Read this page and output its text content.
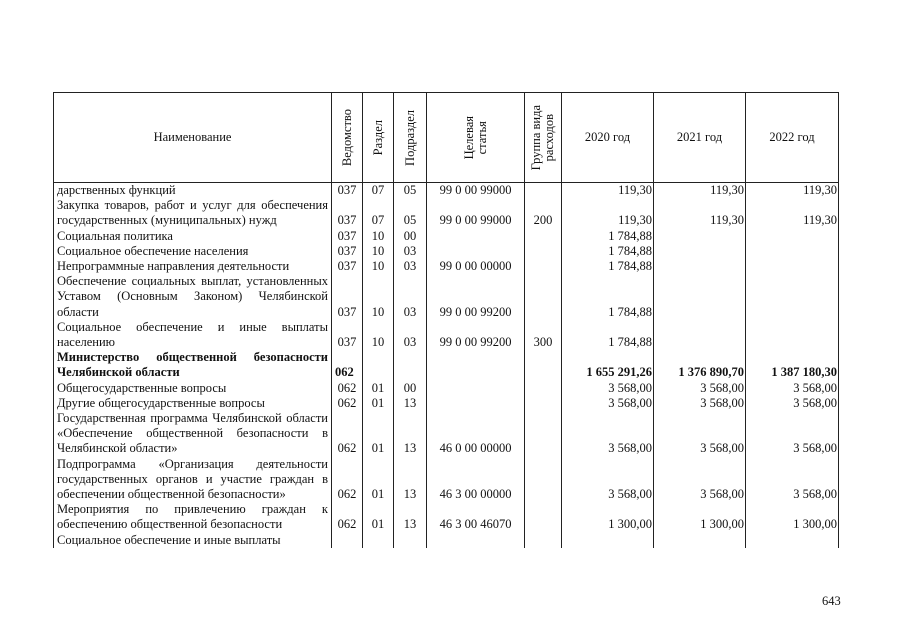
Наименование	Ведомство	Раздел	Подраздел	Целевая
статья	Группа вида
расходов	2020 год	2021 год	2022 год
дарственных функций	037	07	05	99 0 00 99000		119,30	119,30	119,30
Закупка товаров, работ и услуг для обеспечения государственных (муниципальных) нужд	037	07	05	99 0 00 99000	200	119,30	119,30	119,30
Социальная политика	037	10	00			1 784,88		
Социальное обеспечение населения	037	10	03			1 784,88		
Непрограммные направления деятельности	037	10	03	99 0 00 00000		1 784,88		
Обеспечение социальных выплат, установленных Уставом (Основным Законом) Челябинской области	037	10	03	99 0 00 99200		1 784,88		
Социальное обеспечение и иные выплаты населению	037	10	03	99 0 00 99200	300	1 784,88		
Министерство общественной безопасности Челябинской области	062					1 655 291,26	1 376 890,70	1 387 180,30
Общегосударственные вопросы	062	01	00			3 568,00	3 568,00	3 568,00
Другие общегосударственные вопросы	062	01	13			3 568,00	3 568,00	3 568,00
Государственная программа Челябинской области «Обеспечение общественной безопасности в Челябинской области»	062	01	13	46 0 00 00000		3 568,00	3 568,00	3 568,00
Подпрограмма «Организация деятельности государственных органов и участие граждан в обеспечении общественной безопасности»	062	01	13	46 3 00 00000		3 568,00	3 568,00	3 568,00
Мероприятия по привлечению граждан к обеспечению общественной безопасности	062	01	13	46 3 00 46070		1 300,00	1 300,00	1 300,00
Социальное обеспечение и иные выплаты								
643
